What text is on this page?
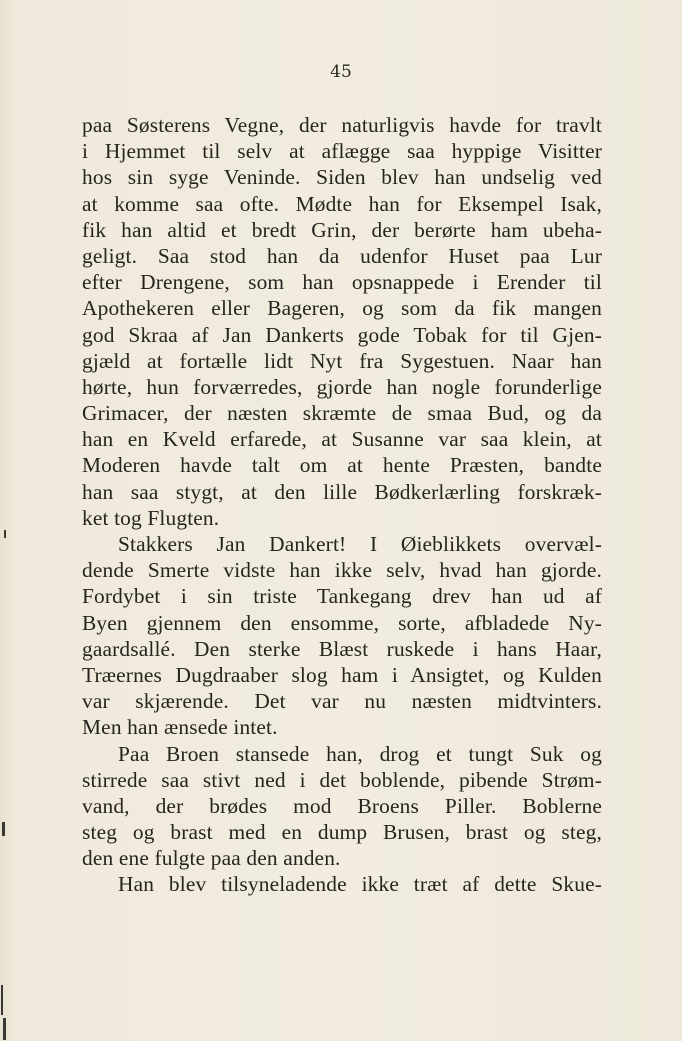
45

paa Søsterens Vegne, der naturligvis havde for travlt
i Hjemmet til selv at aflægge saa hyppige Visitter
hos sin syge Veninde. Siden blev han undselig ved
at komme saa ofte. Mødte han for Eksempel Isak,
fik han altid et bredt Grin, der berørte ham ubeha-
geligt. Saa stod han da udenfor Huset paa Lur
efter Drengene, som han opsnappede i Erender til
Apothekeren eller Bageren, og som da fik mangen
god Skraa af Jan Dankerts gode Tobak for til Gjen-
gjæld at fortælle lidt Nyt fra Sygestuen. Naar han
hørte, hun forværredes, gjorde han nogle forunderlige
Grimacer, der næsten skræmte de smaa Bud, og da
han en Kveld erfarede, at Susanne var saa klein, at
Moderen havde talt om at hente Præsten, bandte
han saa stygt, at den lille Bødkerlærling forskræk-
ket tog Flugten.
Stakkers Jan Dankert! I Øieblikkets overvæl-
dende Smerte vidste han ikke selv, hvad han gjorde.
Fordybet i sin triste Tankegang drev han ud af
Byen gjennem den ensomme, sorte, afbladede Ny-
gaardsallé. Den sterke Blæst ruskede i hans Haar,
Træernes Dugdraaber slog ham i Ansigtet, og Kulden
var skjærende. Det var nu næsten midtvinters.
Men han ænsede intet.
Paa Broen stansede han, drog et tungt Suk og
stirrede saa stivt ned i det boblende, pibende Strøm-
vand, der brødes mod Broens Piller. Boblerne
steg og brast med en dump Brusen, brast og steg,
den ene fulgte paa den anden.
Han blev tilsyneladende ikke træt af dette Skue-
